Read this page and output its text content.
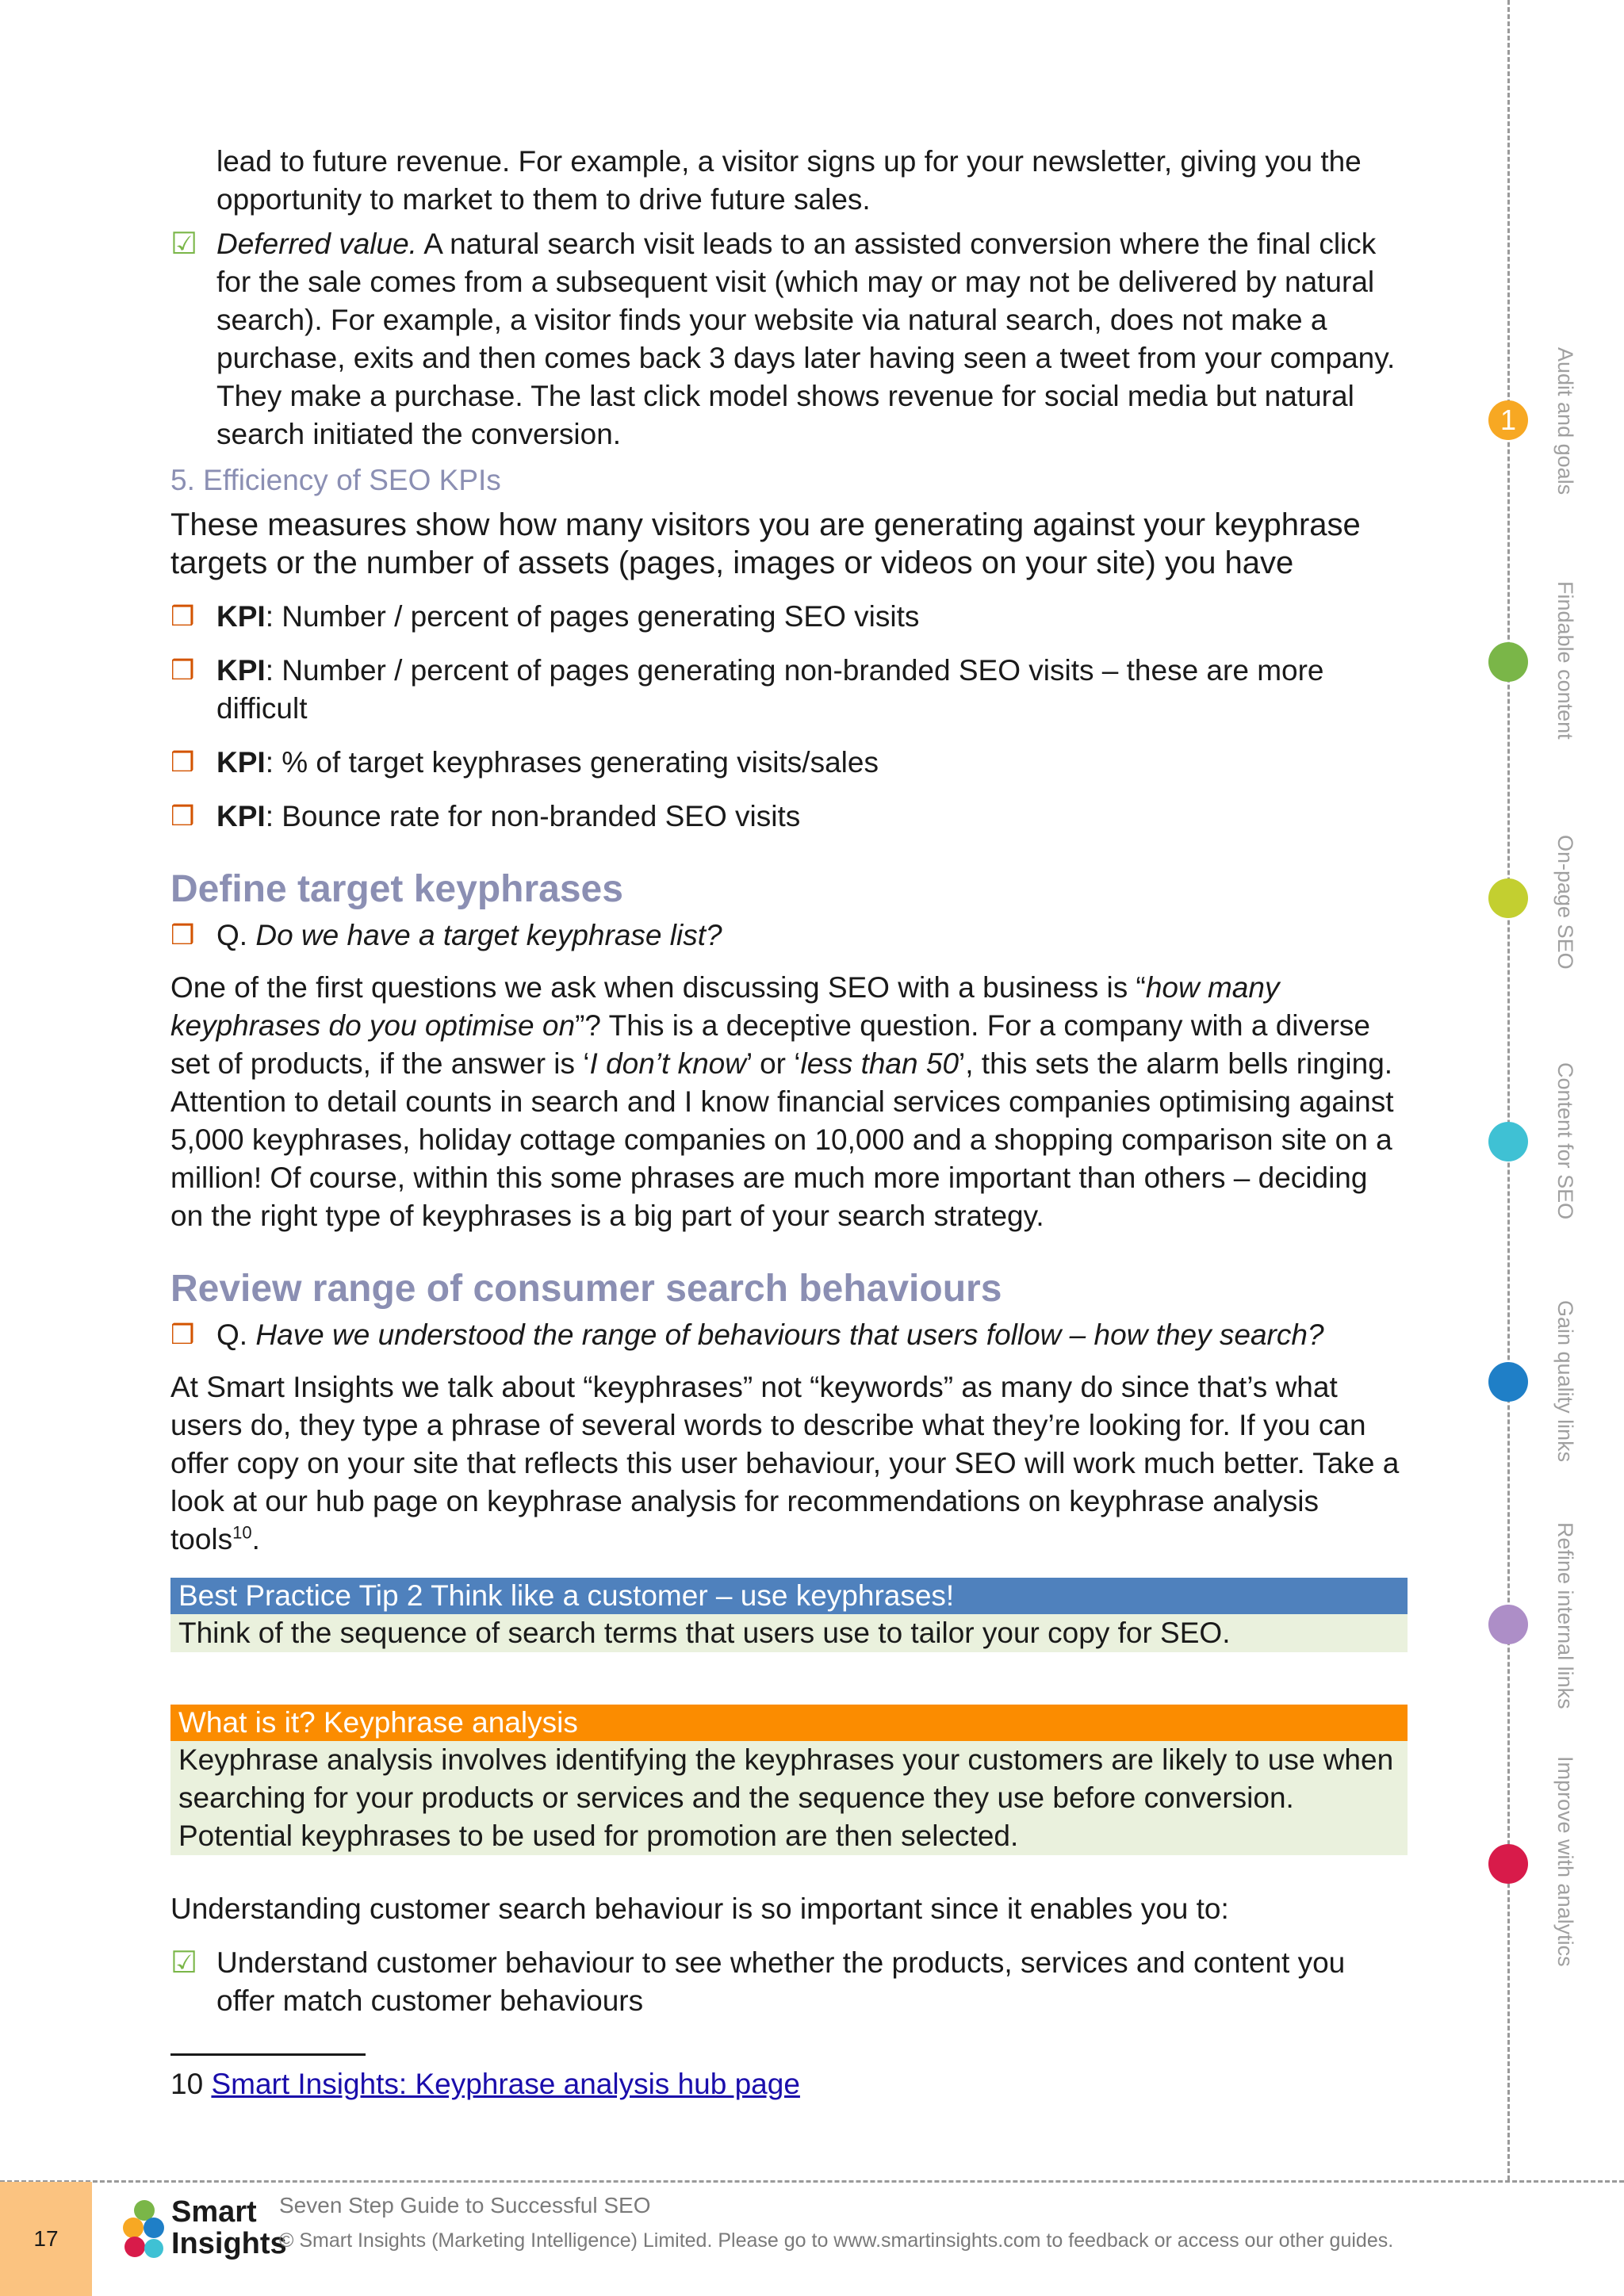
lead to future revenue. For example, a visitor signs up for your newsletter, giving you the opportunity to market to them to drive future sales.

☑ Deferred value. A natural search visit leads to an assisted conversion where the final click for the sale comes from a subsequent visit (which may or may not be delivered by natural search). For example, a visitor finds your website via natural search, does not make a purchase, exits and then comes back 3 days later having seen a tweet from your company. They make a purchase. The last click model shows revenue for social media but natural search initiated the conversion.

5. Efficiency of SEO KPIs

These measures show how many visitors you are generating against your keyphrase targets or the number of assets (pages, images or videos on your site) you have

❒ KPI: Number / percent of pages generating SEO visits
❒ KPI: Number / percent of pages generating non-branded SEO visits – these are more difficult
❒ KPI: % of target keyphrases generating visits/sales
❒ KPI: Bounce rate for non-branded SEO visits

Define target keyphrases

❒ Q. Do we have a target keyphrase list?

One of the first questions we ask when discussing SEO with a business is “how many keyphrases do you optimise on”? This is a deceptive question. For a company with a diverse set of products, if the answer is ‘I don’t know’ or ‘less than 50’, this sets the alarm bells ringing. Attention to detail counts in search and I know financial services companies optimising against 5,000 keyphrases, holiday cottage companies on 10,000 and a shopping comparison site on a million! Of course, within this some phrases are much more important than others – deciding on the right type of keyphrases is a big part of your search strategy.

Review range of consumer search behaviours

❒ Q. Have we understood the range of behaviours that users follow – how they search?

At Smart Insights we talk about “keyphrases” not “keywords” as many do since that’s what users do, they type a phrase of several words to describe what they’re looking for. If you can offer copy on your site that reflects this user behaviour, your SEO will work much better. Take a look at our hub page on keyphrase analysis for recommendations on keyphrase analysis tools$^{10}$.

Best Practice Tip 2 Think like a customer – use keyphrases!
Think of the sequence of search terms that users use to tailor your copy for SEO.
What is it? Keyphrase analysis
Keyphrase analysis involves identifying the keyphrases your customers are likely to use when searching for your products or services and the sequence they use before conversion. Potential keyphrases to be used for promotion are then selected.

Understanding customer search behaviour is so important since it enables you to:

☑ Understand customer behaviour to see whether the products, services and content you offer match customer behaviours

10 Smart Insights: Keyphrase analysis hub page

1	Audit and goals
Findable content
On-page SEO
Content for SEO
Gain quality links
Refine internal links
Improve with analytics
17
Smart
Insights
Seven Step Guide to Successful SEO
© Smart Insights (Marketing Intelligence) Limited. Please go to www.smartinsights.com to feedback or access our other guides.
